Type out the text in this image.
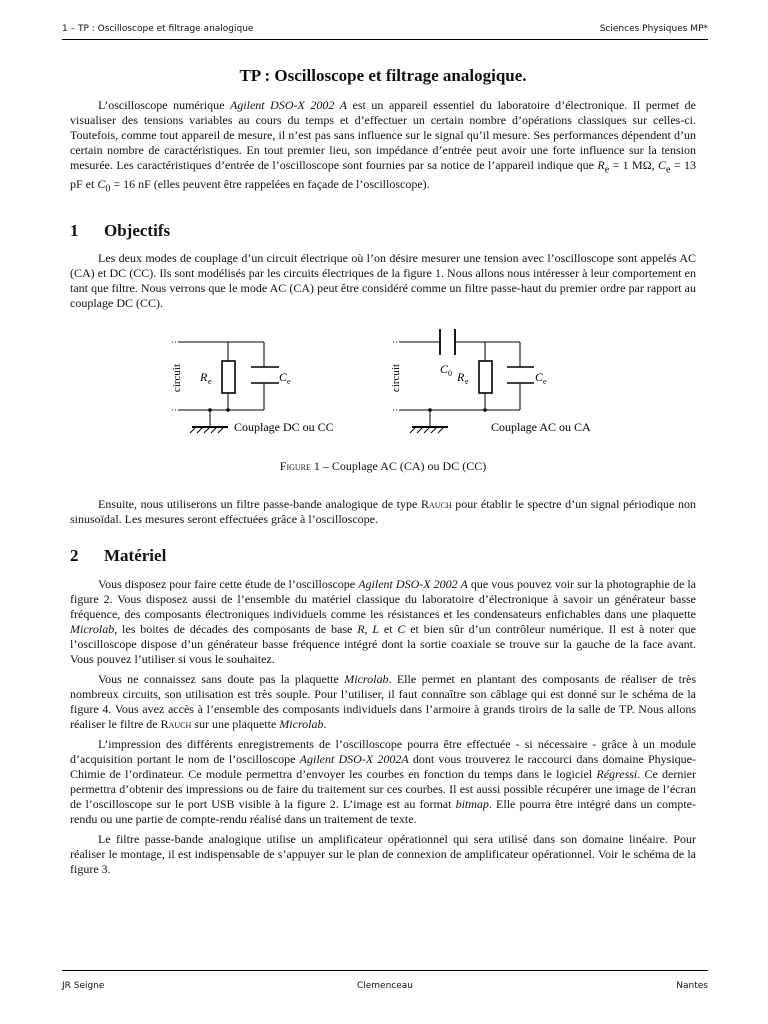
1 – TP : Oscilloscope et filtrage analogique	Sciences Physiques MP*
TP : Oscilloscope et filtrage analogique.

L’oscilloscope numérique Agilent DSO-X 2002 A est un appareil essentiel du laboratoire d’électronique. Il permet de visualiser des tensions variables au cours du temps et d’effectuer un certain nombre d’opérations classiques sur celles-ci. Toutefois, comme tout appareil de mesure, il n’est pas sans influence sur le signal qu’il mesure. Ses performances dépendent d’un certain nombre de caractéristiques. En tout premier lieu, son impédance d’entrée peut avoir une forte influence sur la tension mesurée. Les caractéristiques d’entrée de l’oscilloscope sont fournies par sa notice de l’appareil indique que $R_e = 1$ MΩ, $C_e = 13$ pF et $C_0 = 16$ nF (elles peuvent être rappelées en façade de l’oscilloscope).

1 Objectifs

Les deux modes de couplage d’un circuit électrique où l’on désire mesurer une tension avec l’oscilloscope sont appelés AC (CA) et DC (CC). Ils sont modélisés par les circuits électriques de la figure 1. Nous allons nous intéresser à leur comportement en tant que filtre. Nous verrons que le mode AC (CA) peut être considéré comme un filtre passe-haut du premier ordre par rapport au couplage DC (CC).

circuit	circuit
R e	C e
C 0 R e	C e
Couplage DC ou CC	Couplage AC ou CA
Figure 1 – Couplage AC (CA) ou DC (CC)

Ensuite, nous utiliserons un filtre passe-bande analogique de type Rauch pour établir le spectre d’un signal périodique non sinusoïdal. Les mesures seront effectuées grâce à l’oscilloscope.

2 Matériel

Vous disposez pour faire cette étude de l’oscilloscope Agilent DSO-X 2002 A que vous pouvez voir sur la photographie de la figure 2. Vous disposez aussi de l’ensemble du matériel classique du laboratoire d’électronique à savoir un générateur basse fréquence, des composants électroniques individuels comme les résistances et les condensateurs enfichables dans une plaquette Microlab, les boites de décades des composants de base R, L et C et bien sûr d’un contrôleur numérique. Il est à noter que l’oscilloscope dispose d’un générateur basse fréquence intégré dont la sortie coaxiale se trouve sur la gauche de la face avant. Vous pouvez l’utiliser si vous le souhaitez.

Vous ne connaissez sans doute pas la plaquette Microlab. Elle permet en plantant des composants de réaliser de très nombreux circuits, son utilisation est très souple. Pour l’utiliser, il faut connaître son câblage qui est donné sur le schéma de la figure 4. Vous avez accès à l’ensemble des composants individuels dans l’armoire à grands tiroirs de la salle de TP. Nous allons réaliser le filtre de Rauch sur une plaquette Microlab.

L’impression des différents enregistrements de l’oscilloscope pourra être effectuée - si nécessaire - grâce à un module d’acquisition portant le nom de l’oscilloscope Agilent DSO-X 2002A dont vous trouverez le raccourci dans domaine Physique-Chimie de l’ordinateur. Ce module permettra d’envoyer les courbes en fonction du temps dans le logiciel Régressi. Ce dernier permettra d’obtenir des impressions ou de faire du traitement sur ces courbes. Il est aussi possible récupérer une image de l’écran de l’oscilloscope sur le port USB visible à la figure 2. L’image est au format bitmap. Elle pourra être intégré dans un compte-rendu ou une partie de compte-rendu réalisé dans un traitement de texte.

Le filtre passe-bande analogique utilise un amplificateur opérationnel qui sera utilisé dans son domaine linéaire. Pour réaliser le montage, il est indispensable de s’appuyer sur le plan de connexion de amplificateur opérationnel. Voir le schéma de la figure 3.

JR Seigne	Clemenceau	Nantes
